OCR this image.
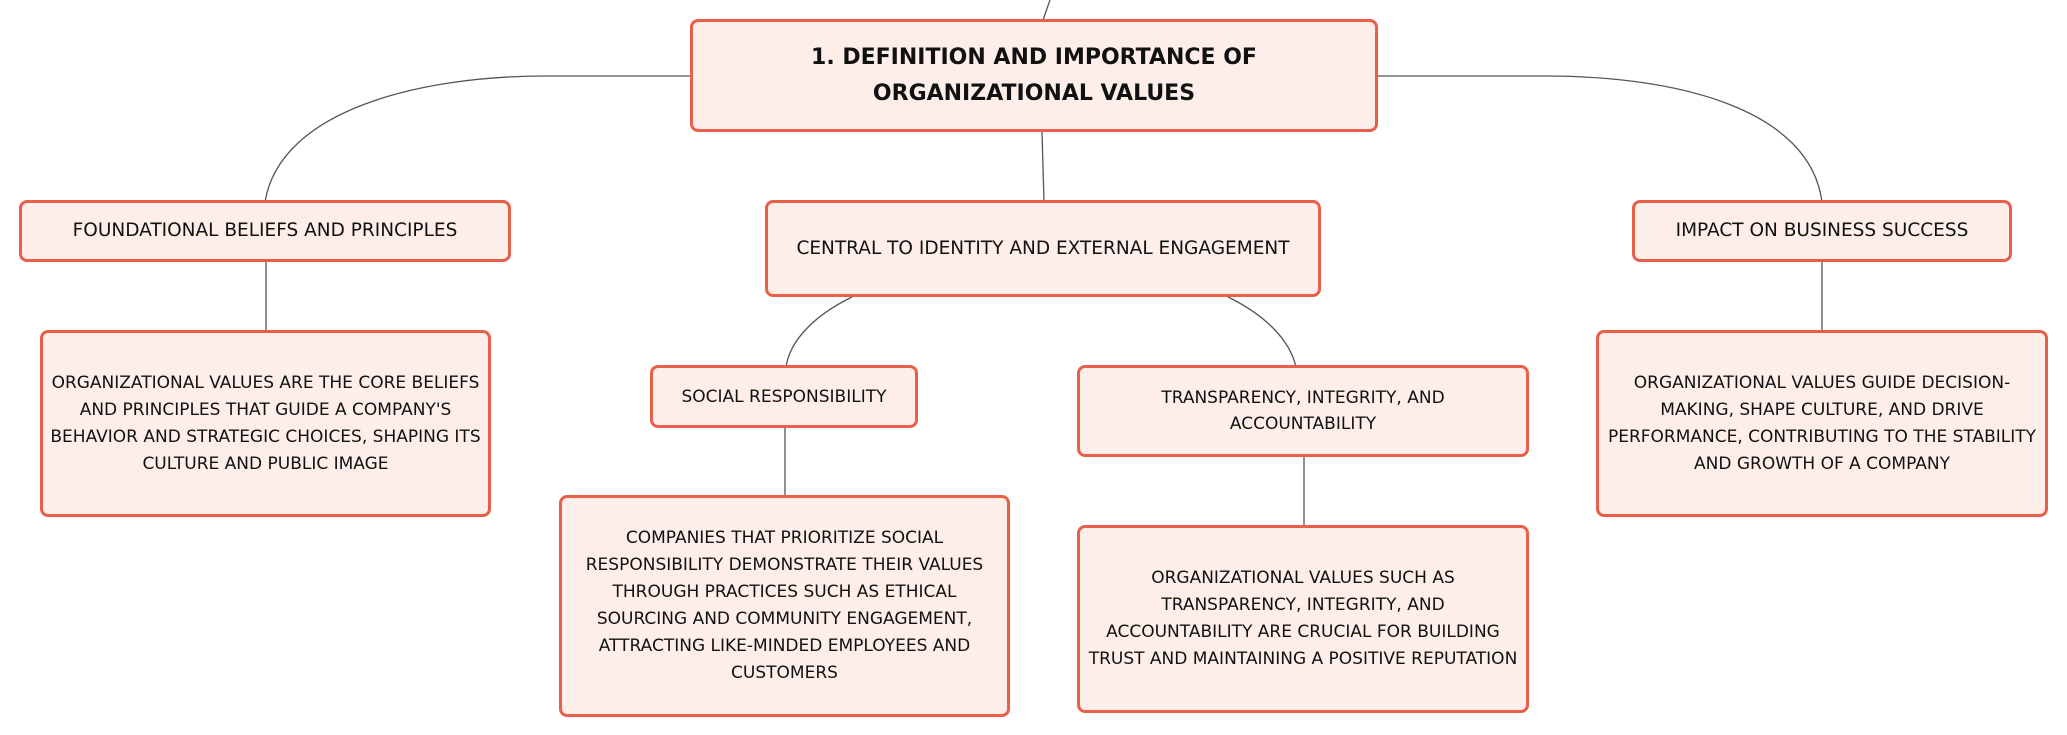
1. DEFINITION AND IMPORTANCE OF ORGANIZATIONAL VALUES
FOUNDATIONAL BELIEFS AND PRINCIPLES
CENTRAL TO IDENTITY AND EXTERNAL ENGAGEMENT
IMPACT ON BUSINESS SUCCESS
ORGANIZATIONAL VALUES ARE THE CORE BELIEFS AND PRINCIPLES THAT GUIDE A COMPANY'S BEHAVIOR AND STRATEGIC CHOICES, SHAPING ITS CULTURE AND PUBLIC IMAGE
SOCIAL RESPONSIBILITY	TRANSPARENCY, INTEGRITY, AND ACCOUNTABILITY
ORGANIZATIONAL VALUES GUIDE DECISION-MAKING, SHAPE CULTURE, AND DRIVE PERFORMANCE, CONTRIBUTING TO THE STABILITY AND GROWTH OF A COMPANY
COMPANIES THAT PRIORITIZE SOCIAL RESPONSIBILITY DEMONSTRATE THEIR VALUES THROUGH PRACTICES SUCH AS ETHICAL SOURCING AND COMMUNITY ENGAGEMENT, ATTRACTING LIKE-MINDED EMPLOYEES AND CUSTOMERS
ORGANIZATIONAL VALUES SUCH AS TRANSPARENCY, INTEGRITY, AND ACCOUNTABILITY ARE CRUCIAL FOR BUILDING TRUST AND MAINTAINING A POSITIVE REPUTATION
